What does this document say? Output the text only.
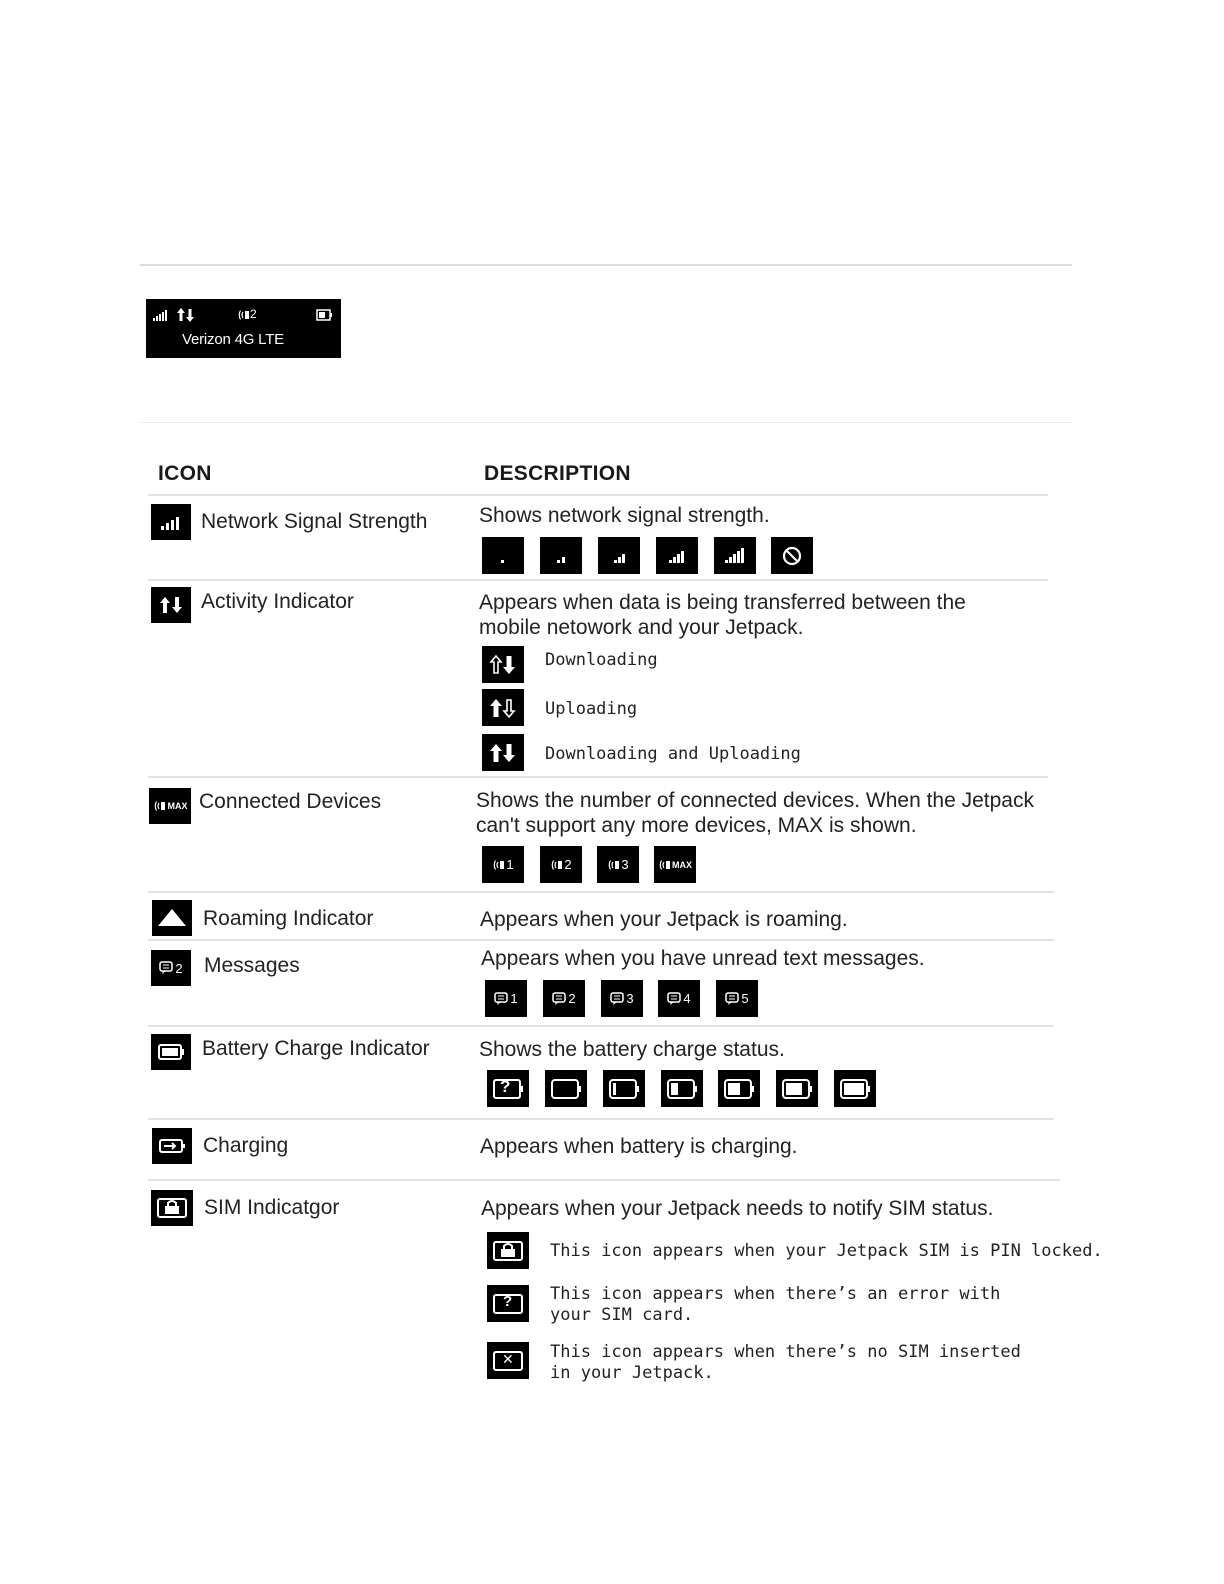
2
Verizon 4G LTE
ICON	DESCRIPTION
Network Signal Strength Shows network signal strength.
Activity Indicator	Appears when data is being transferred between the
mobile netowork and your Jetpack.
Downloading
Uploading
Downloading and Uploading
MAX Connected Devices	Shows the number of connected devices. When the Jetpack
can't support any more devices, MAX is shown.
1	2	3	MAX
Roaming Indicator	Appears when your Jetpack is roaming.
2 Messages	Appears when you have unread text messages.
1	2	3	4	5
Battery Charge Indicator Shows the battery charge status.
?
Charging	Appears when battery is charging.
SIM Indicatgor	Appears when your Jetpack needs to notify SIM status.
This icon appears when your Jetpack SIM is PIN locked.
? This icon appears when there’s an error with
your SIM card.
✕ This icon appears when there’s no SIM inserted
in your Jetpack.
